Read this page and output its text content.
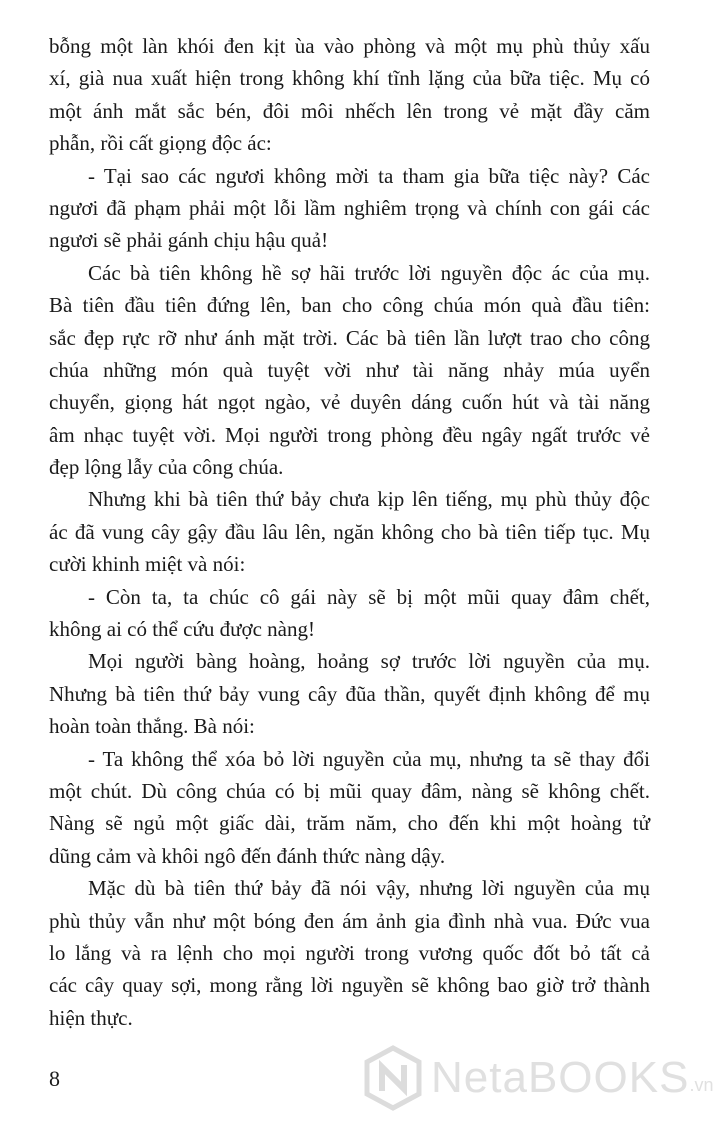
bỗng một làn khói đen kịt ùa vào phòng và một mụ phù thủy xấu
xí, già nua xuất hiện trong không khí tĩnh lặng của bữa tiệc. Mụ có
một ánh mắt sắc bén, đôi môi nhếch lên trong vẻ mặt đầy căm
phẫn, rồi cất giọng độc ác:
- Tại sao các ngươi không mời ta tham gia bữa tiệc này? Các
ngươi đã phạm phải một lỗi lầm nghiêm trọng và chính con gái các
ngươi sẽ phải gánh chịu hậu quả!
Các bà tiên không hề sợ hãi trước lời nguyền độc ác của mụ.
Bà tiên đầu tiên đứng lên, ban cho công chúa món quà đầu tiên:
sắc đẹp rực rỡ như ánh mặt trời. Các bà tiên lần lượt trao cho công
chúa những món quà tuyệt vời như tài năng nhảy múa uyển
chuyển, giọng hát ngọt ngào, vẻ duyên dáng cuốn hút và tài năng
âm nhạc tuyệt vời. Mọi người trong phòng đều ngây ngất trước vẻ
đẹp lộng lẫy của công chúa.
Nhưng khi bà tiên thứ bảy chưa kịp lên tiếng, mụ phù thủy độc
ác đã vung cây gậy đầu lâu lên, ngăn không cho bà tiên tiếp tục. Mụ
cười khinh miệt và nói:
- Còn ta, ta chúc cô gái này sẽ bị một mũi quay đâm chết,
không ai có thể cứu được nàng!
Mọi người bàng hoàng, hoảng sợ trước lời nguyền của mụ.
Nhưng bà tiên thứ bảy vung cây đũa thần, quyết định không để mụ
hoàn toàn thắng. Bà nói:
- Ta không thể xóa bỏ lời nguyền của mụ, nhưng ta sẽ thay đổi
một chút. Dù công chúa có bị mũi quay đâm, nàng sẽ không chết.
Nàng sẽ ngủ một giấc dài, trăm năm, cho đến khi một hoàng tử
dũng cảm và khôi ngô đến đánh thức nàng dậy.
Mặc dù bà tiên thứ bảy đã nói vậy, nhưng lời nguyền của mụ
phù thủy vẫn như một bóng đen ám ảnh gia đình nhà vua. Đức vua
lo lắng và ra lệnh cho mọi người trong vương quốc đốt bỏ tất cả
các cây quay sợi, mong rằng lời nguyền sẽ không bao giờ trở thành
hiện thực.
8	NetaBOOKS .vn
